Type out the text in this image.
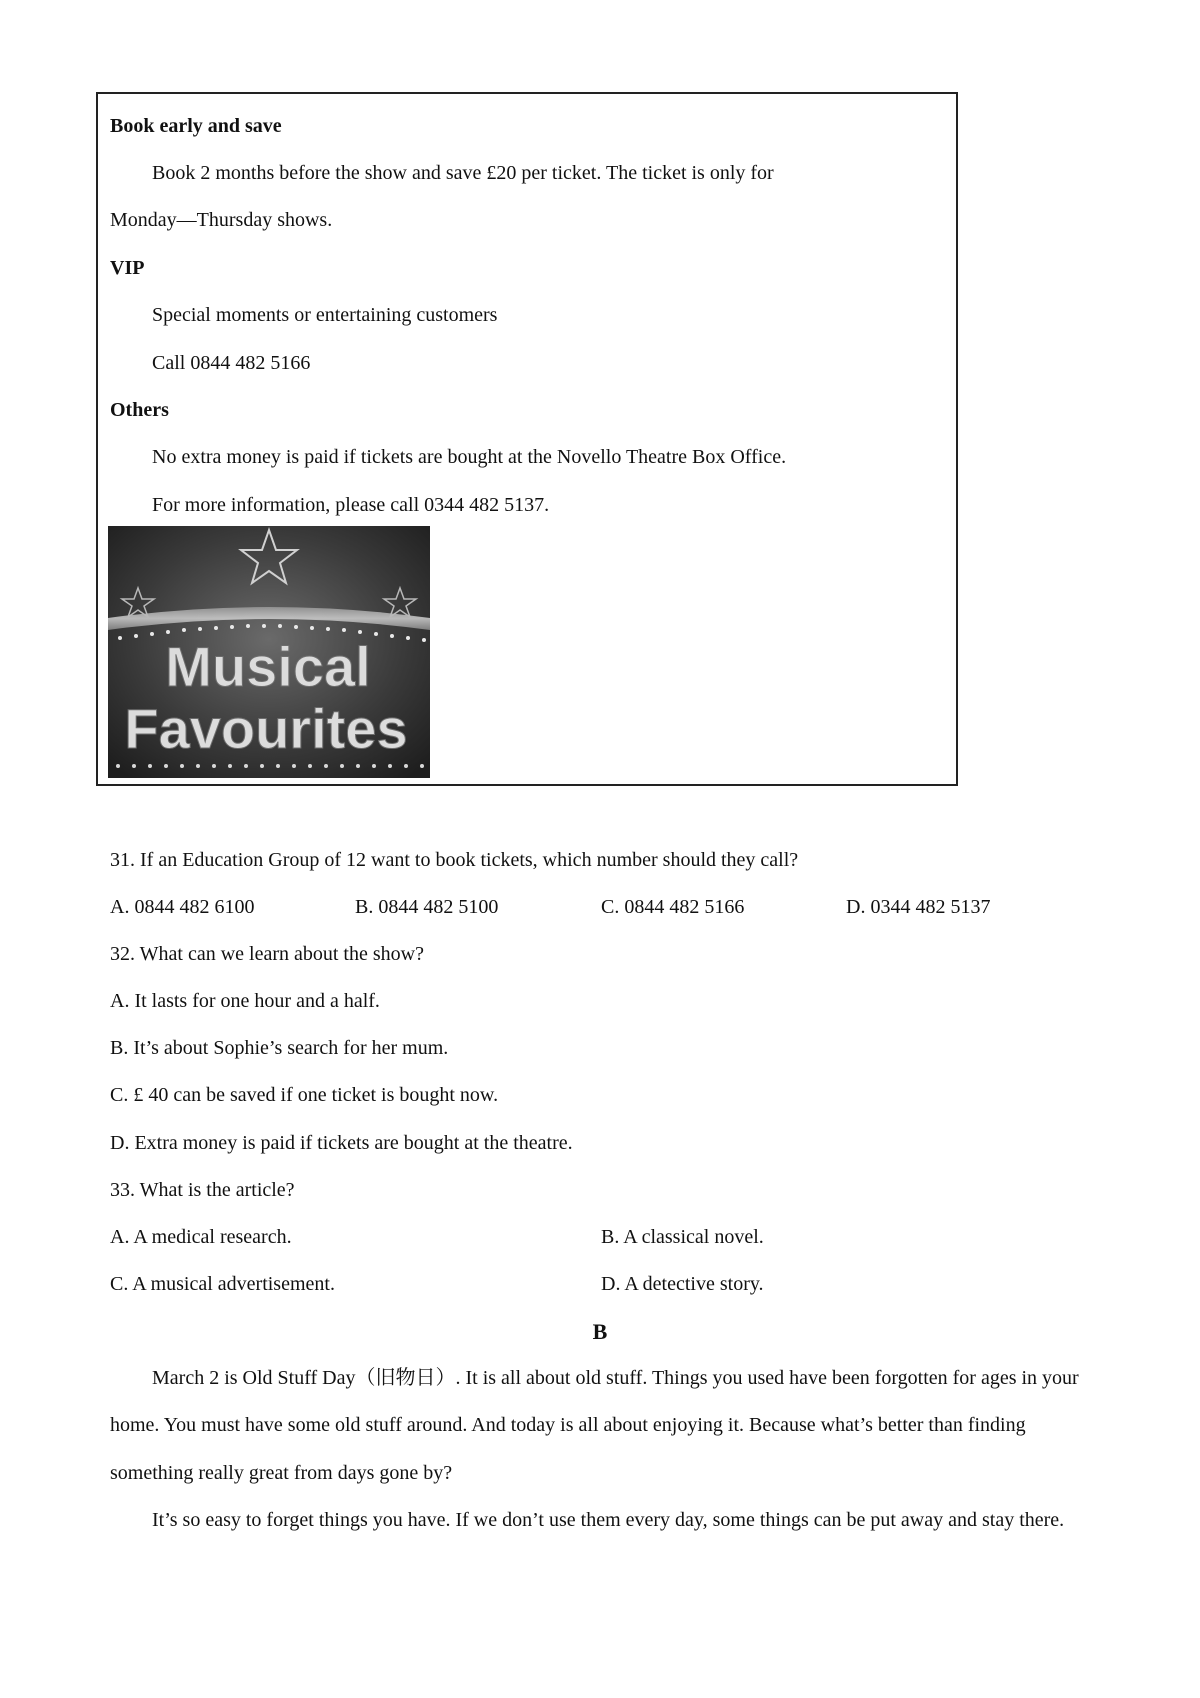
Book early and save
Book 2 months before the show and save £20 per ticket. The ticket is only for
Monday—Thursday shows.
VIP
Special moments or entertaining customers
Call 0844 482 5166
Others
No extra money is paid if tickets are bought at the Novello Theatre Box Office.
For more information, please call 0344 482 5137.
Musical
Favourites
31. If an Education Group of 12 want to book tickets, which number should they call?
A. 0844 482 6100	B. 0844 482 5100	C. 0844 482 5166	D. 0344 482 5137
32. What can we learn about the show?
A. It lasts for one hour and a half.
B. It’s about Sophie’s search for her mum.
C. £ 40 can be saved if one ticket is bought now.
D. Extra money is paid if tickets are bought at the theatre.
33. What is the article?
A. A medical research.	B. A classical novel.
C. A musical advertisement.	D. A detective story.
B
March 2 is Old Stuff Day（旧物日）. It is all about old stuff. Things you used have been forgotten for ages in your
home. You must have some old stuff around. And today is all about enjoying it. Because what’s better than finding
something really great from days gone by?
It’s so easy to forget things you have. If we don’t use them every day, some things can be put away and stay there.
